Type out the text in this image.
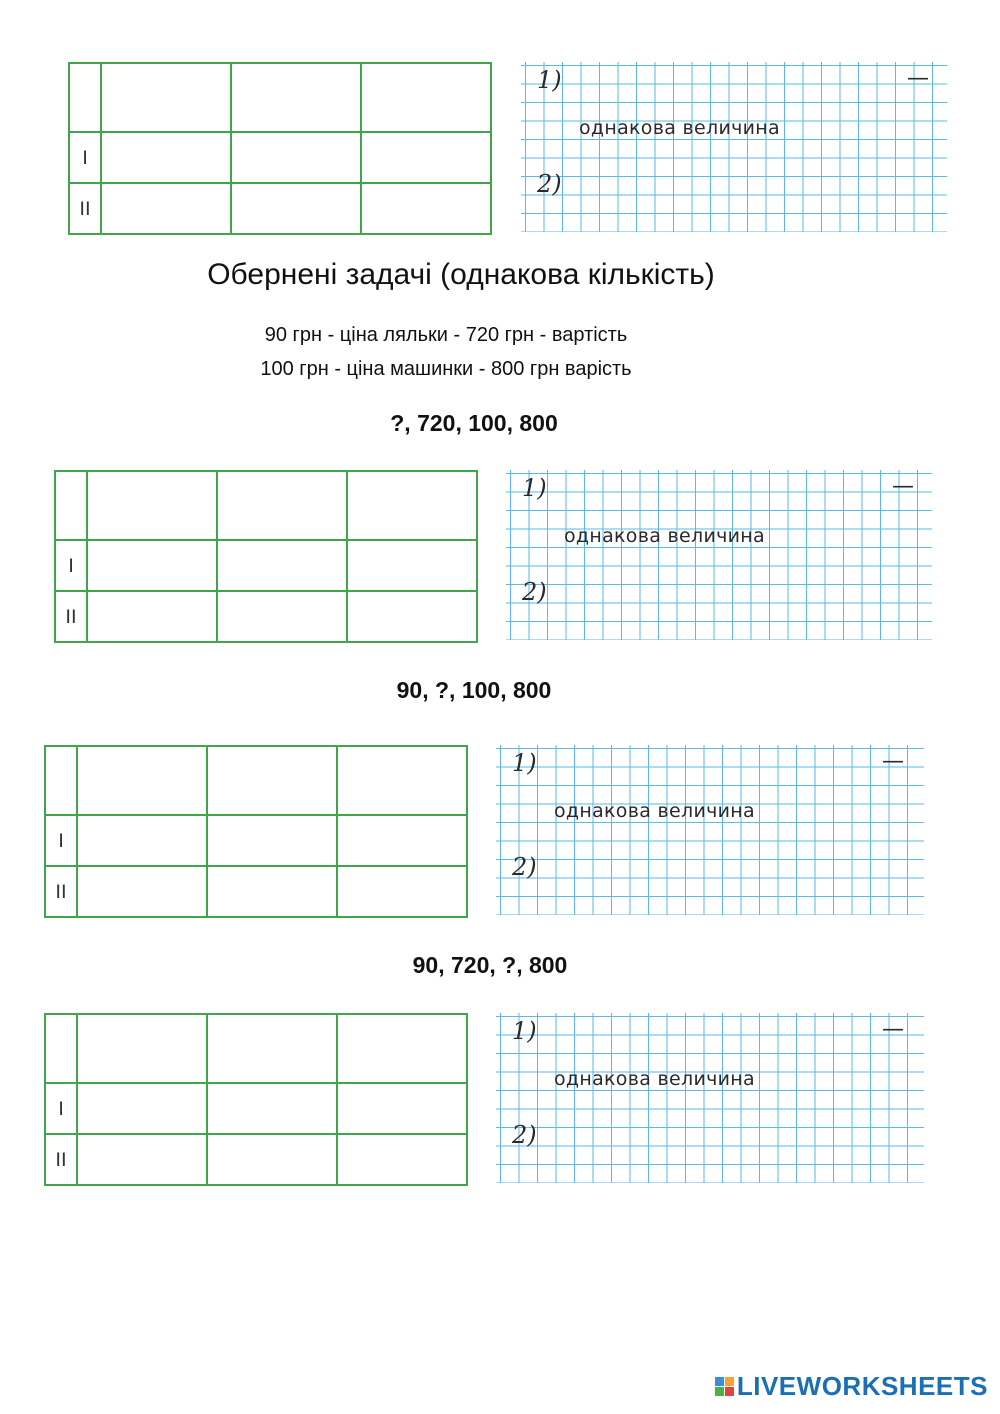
I			
II			
1)	—
однакова величина
2)
Обернені задачі (однакова кількість)
90 грн - ціна ляльки - 720 грн - вартість
100 грн - ціна машинки - 800 грн варість
?, 720, 100, 800

I			
II			
1)	—
однакова величина
2)
90, ?, 100, 800

I			
II			
1)	—
однакова величина
2)
90, 720, ?, 800

I			
II			
1)	—
однакова величина
2)
LIVEWORKSHEETS
